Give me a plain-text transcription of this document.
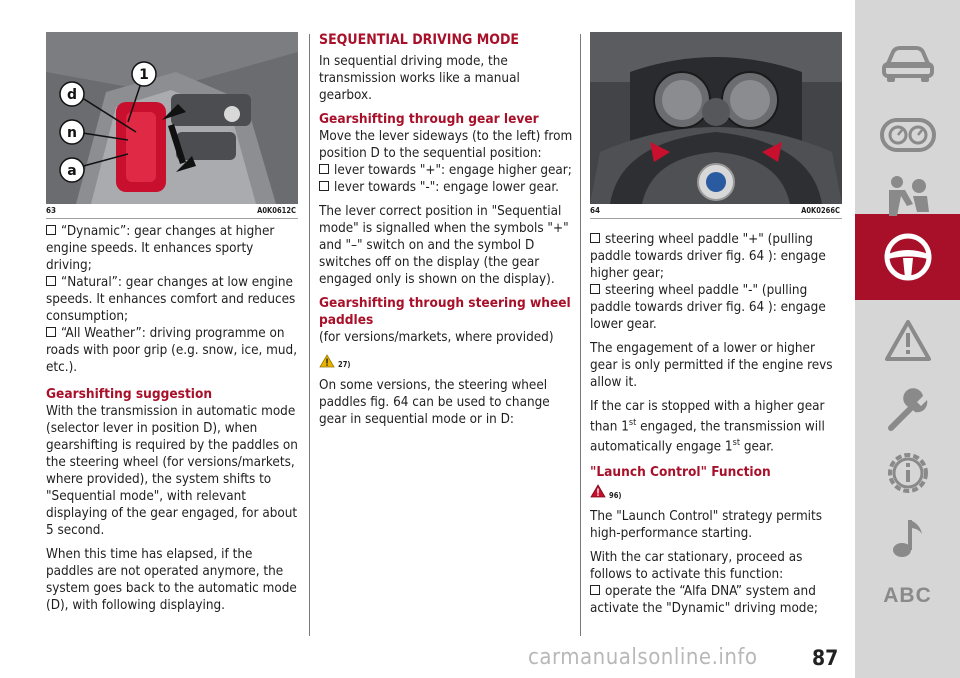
d
n
a
1
63	A0K0612C
“Dynamic”: gear changes at higher engine speeds. It enhances sporty driving;
“Natural”: gear changes at low engine speeds. It enhances comfort and reduces consumption;
“All Weather”: driving programme on roads with poor grip (e.g. snow, ice, mud, etc.).
Gearshifting suggestion

With the transmission in automatic mode (selector lever in position D), when gearshifting is required by the paddles on the steering wheel (for versions/markets, where provided), the system shifts to "Sequential mode", with relevant displaying of the gear engaged, for about 5 second.

When this time has elapsed, if the paddles are not operated anymore, the system goes back to the automatic mode (D), with following displaying.

SEQUENTIAL DRIVING MODE

In sequential driving mode, the transmission works like a manual gearbox.

Gearshifting through gear lever

Move the lever sideways (to the left) from position D to the sequential position:

lever towards "+": engage higher gear;
lever towards "-": engage lower gear.

The lever correct position in "Sequential mode" is signalled when the symbols "+" and "–" switch on and the symbol D switches off on the display (the gear engaged only is shown on the display).

Gearshifting through steering wheel paddles

(for versions/markets, where provided)

27)

On some versions, the steering wheel paddles fig. 64 can be used to change gear in sequential mode or in D:

64	A0K0266C
steering wheel paddle "+" (pulling paddle towards driver fig. 64 ): engage higher gear;
steering wheel paddle "-" (pulling paddle towards driver fig. 64 ): engage lower gear.

The engagement of a lower or higher gear is only permitted if the engine revs allow it.

If the car is stopped with a higher gear than 1st engaged, the transmission will automatically engage 1st gear.

"Launch Control" Function
96)

The "Launch Control" strategy permits high-performance starting.

With the car stationary, proceed as follows to activate this function:

operate the “Alfa DNA” system and activate the "Dynamic" driving mode;
ABC
carmanualsonline.info	87
